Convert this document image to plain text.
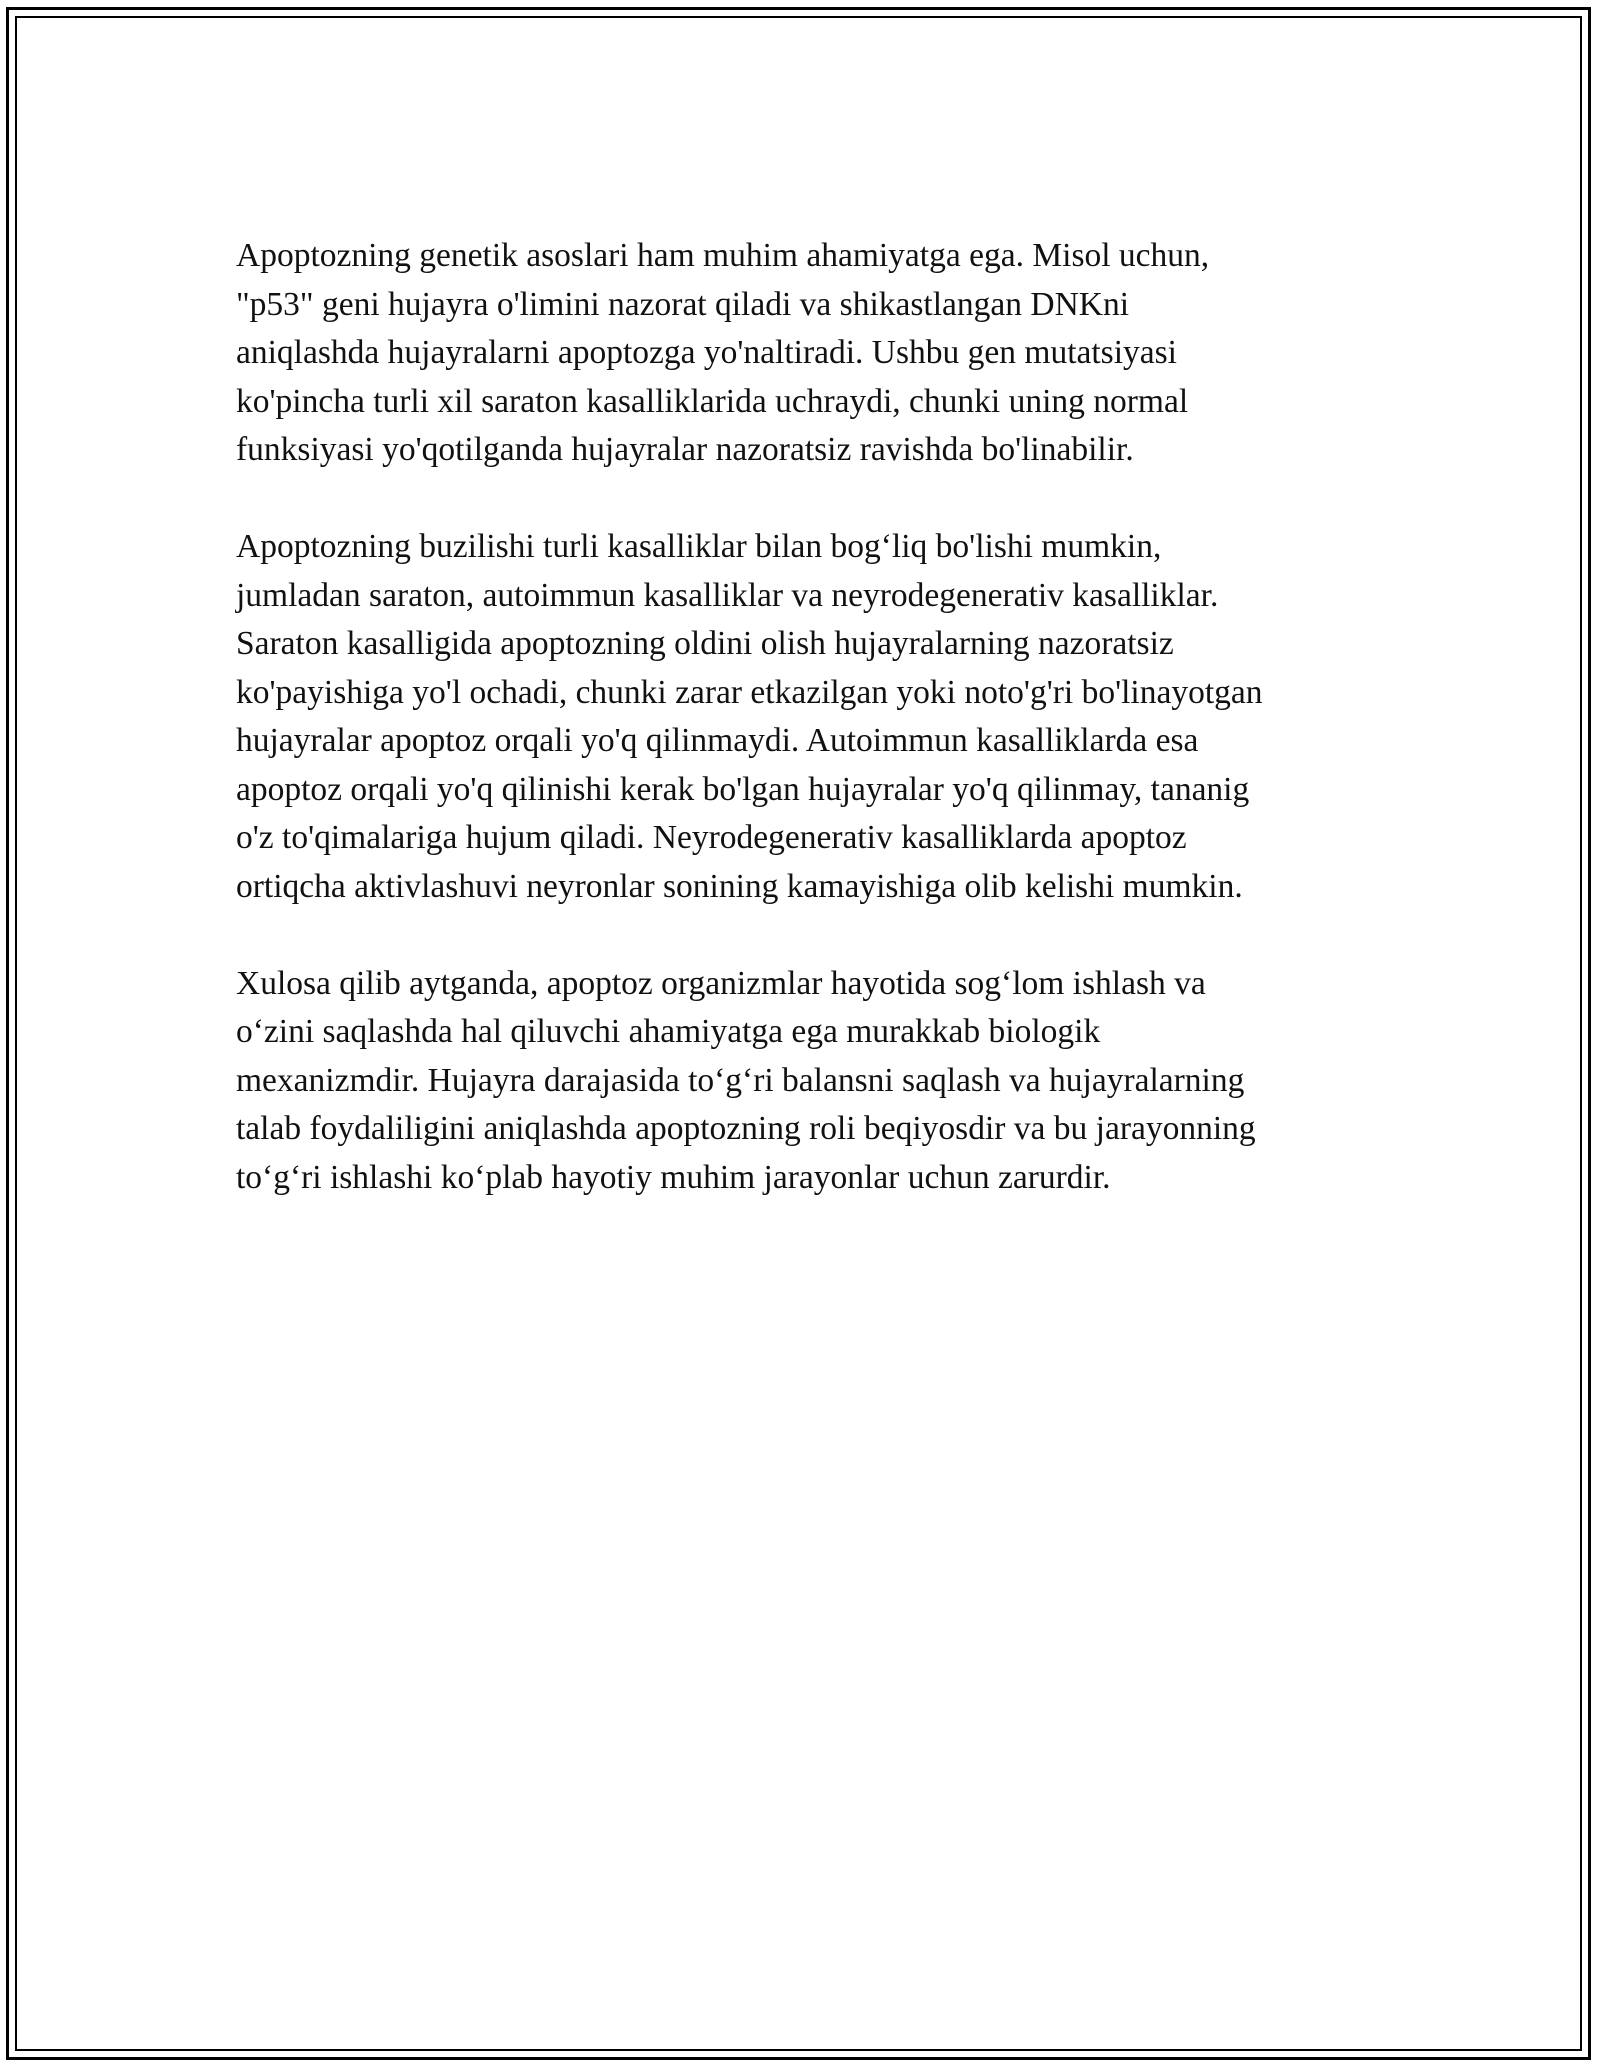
Apoptozning genetik asoslari ham muhim ahamiyatga ega. Misol uchun,
"p53" geni hujayra o'limini nazorat qiladi va shikastlangan DNKni
aniqlashda hujayralarni apoptozga yo'naltiradi. Ushbu gen mutatsiyasi
ko'pincha turli xil saraton kasalliklarida uchraydi, chunki uning normal
funksiyasi yo'qotilganda hujayralar nazoratsiz ravishda bo'linabilir.

Apoptozning buzilishi turli kasalliklar bilan bog‘liq bo'lishi mumkin,
jumladan saraton, autoimmun kasalliklar va neyrodegenerativ kasalliklar.
Saraton kasalligida apoptozning oldini olish hujayralarning nazoratsiz
ko'payishiga yo'l ochadi, chunki zarar etkazilgan yoki noto'g'ri bo'linayotgan
hujayralar apoptoz orqali yo'q qilinmaydi. Autoimmun kasalliklarda esa
apoptoz orqali yo'q qilinishi kerak bo'lgan hujayralar yo'q qilinmay, tananig
o'z to'qimalariga hujum qiladi. Neyrodegenerativ kasalliklarda apoptoz
ortiqcha aktivlashuvi neyronlar sonining kamayishiga olib kelishi mumkin.

Xulosa qilib aytganda, apoptoz organizmlar hayotida sog‘lom ishlash va
o‘zini saqlashda hal qiluvchi ahamiyatga ega murakkab biologik
mexanizmdir. Hujayra darajasida to‘g‘ri balansni saqlash va hujayralarning
talab foydaliligini aniqlashda apoptozning roli beqiyosdir va bu jarayonning
to‘g‘ri ishlashi ko‘plab hayotiy muhim jarayonlar uchun zarurdir.
